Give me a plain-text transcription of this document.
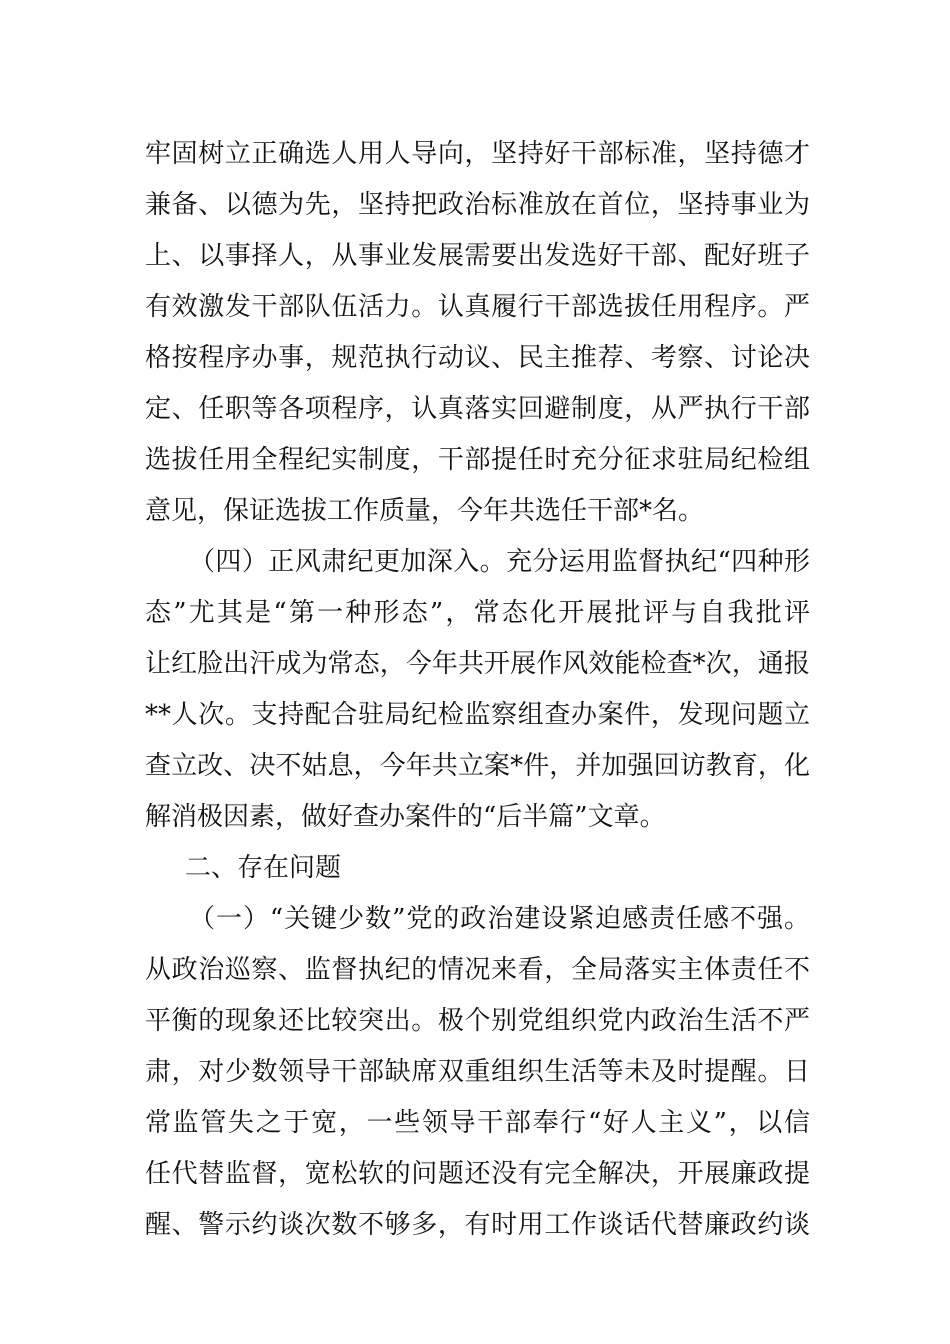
牢固树立正确选人用人导向，坚持好干部标准，坚持德才
兼备、以德为先，坚持把政治标准放在首位，坚持事业为
上、以事择人，从事业发展需要出发选好干部、配好班子
有效激发干部队伍活力。认真履行干部选拔任用程序。严
格按程序办事，规范执行动议、民主推荐、考察、讨论决
定、任职等各项程序，认真落实回避制度，从严执行干部
选拔任用全程纪实制度，干部提任时充分征求驻局纪检组
意见，保证选拔工作质量，今年共选任干部*名。
（四）正风肃纪更加深入。充分运用监督执纪“四种形
态”尤其是“第一种形态”，常态化开展批评与自我批评
让红脸出汗成为常态，今年共开展作风效能检查*次，通报
**人次。支持配合驻局纪检监察组查办案件，发现问题立
查立改、决不姑息，今年共立案*件，并加强回访教育，化
解消极因素，做好查办案件的“后半篇”文章。
二、存在问题
（一）“关键少数”党的政治建设紧迫感责任感不强。
从政治巡察、监督执纪的情况来看，全局落实主体责任不
平衡的现象还比较突出。极个别党组织党内政治生活不严
肃，对少数领导干部缺席双重组织生活等未及时提醒。日
常监管失之于宽，一些领导干部奉行“好人主义”，以信
任代替监督，宽松软的问题还没有完全解决，开展廉政提
醒、警示约谈次数不够多，有时用工作谈话代替廉政约谈
